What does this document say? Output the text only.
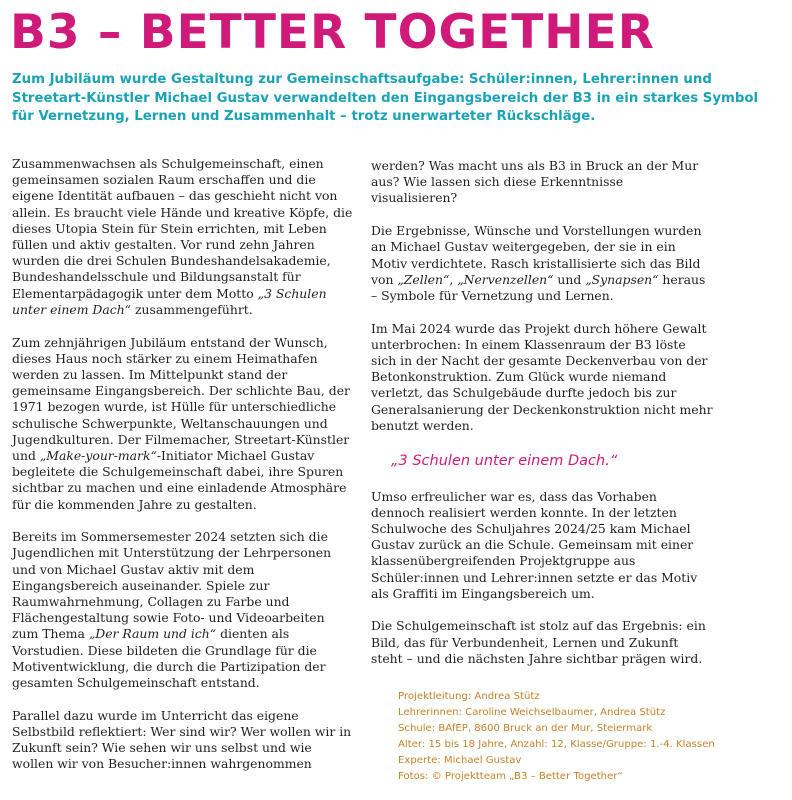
B3 – BETTER TOGETHER

Zum Jubiläum wurde Gestaltung zur Gemeinschaftsaufgabe: Schüler:innen, Lehrer:innen und Streetart-Künstler Michael Gustav verwandelten den Eingangsbereich der B3 in ein starkes Symbol für Vernetzung, Lernen und Zusammenhalt – trotz unerwarteter Rückschläge.

Zusammenwachsen als Schulgemeinschaft, einen gemeinsamen sozialen Raum erschaffen und die eigene Identität aufbauen – das geschieht nicht von allein. Es braucht viele Hände und kreative Köpfe, die dieses Utopia Stein für Stein errichten, mit Leben füllen und aktiv gestalten. Vor rund zehn Jahren wurden die drei Schulen Bundeshandelsakademie, Bundeshandelsschule und Bildungsanstalt für Elementarpädagogik unter dem Motto „3 Schulen unter einem Dach“ zusammengeführt.

Zum zehnjährigen Jubiläum entstand der Wunsch, dieses Haus noch stärker zu einem Heimathafen werden zu lassen. Im Mittelpunkt stand der gemeinsame Eingangsbereich. Der schlichte Bau, der 1971 bezogen wurde, ist Hülle für unterschiedliche schulische Schwerpunkte, Weltanschauungen und Jugendkulturen. Der Filmemacher, Streetart-Künstler und „Make-your-mark“-Initiator Michael Gustav begleitete die Schulgemeinschaft dabei, ihre Spuren sichtbar zu machen und eine einladende Atmosphäre für die kommenden Jahre zu gestalten.

Bereits im Sommersemester 2024 setzten sich die Jugendlichen mit Unterstützung der Lehrpersonen und von Michael Gustav aktiv mit dem Eingangsbereich auseinander. Spiele zur Raumwahrnehmung, Collagen zu Farbe und Flächengestaltung sowie Foto- und Videoarbeiten zum Thema „Der Raum und ich“ dienten als Vorstudien. Diese bildeten die Grundlage für die Motiventwicklung, die durch die Partizipation der gesamten Schulgemeinschaft entstand.

Parallel dazu wurde im Unterricht das eigene Selbstbild reflektiert: Wer sind wir? Wer wollen wir in Zukunft sein? Wie sehen wir uns selbst und wie wollen wir von Besucher:innen wahrgenommen

werden? Was macht uns als B3 in Bruck an der Mur aus? Wie lassen sich diese Erkenntnisse visualisieren?

Die Ergebnisse, Wünsche und Vorstellungen wurden an Michael Gustav weitergegeben, der sie in ein Motiv verdichtete. Rasch kristallisierte sich das Bild von „Zellen“, „Nervenzellen“ und „Synapsen“ heraus – Symbole für Vernetzung und Lernen.

Im Mai 2024 wurde das Projekt durch höhere Gewalt unterbrochen: In einem Klassenraum der B3 löste sich in der Nacht der gesamte Deckenverbau von der Betonkonstruktion. Zum Glück wurde niemand verletzt, das Schulgebäude durfte jedoch bis zur Generalsanierung der Deckenkonstruktion nicht mehr benutzt werden.

„3 Schulen unter einem Dach.“

Umso erfreulicher war es, dass das Vorhaben dennoch realisiert werden konnte. In der letzten Schulwoche des Schuljahres 2024/25 kam Michael Gustav zurück an die Schule. Gemeinsam mit einer klassenübergreifenden Projektgruppe aus Schüler:innen und Lehrer:innen setzte er das Motiv als Graffiti im Eingangsbereich um.

Die Schulgemeinschaft ist stolz auf das Ergebnis: ein Bild, das für Verbundenheit, Lernen und Zukunft steht – und die nächsten Jahre sichtbar prägen wird.

Projektleitung: Andrea Stütz
Lehrerinnen: Caroline Weichselbaumer, Andrea Stütz
Schule: BAfEP, 8600 Bruck an der Mur, Steiermark
Alter: 15 bis 18 Jahre, Anzahl: 12, Klasse/Gruppe: 1.-4. Klassen
Experte: Michael Gustav
Fotos: © Projektteam „B3 – Better Together“
